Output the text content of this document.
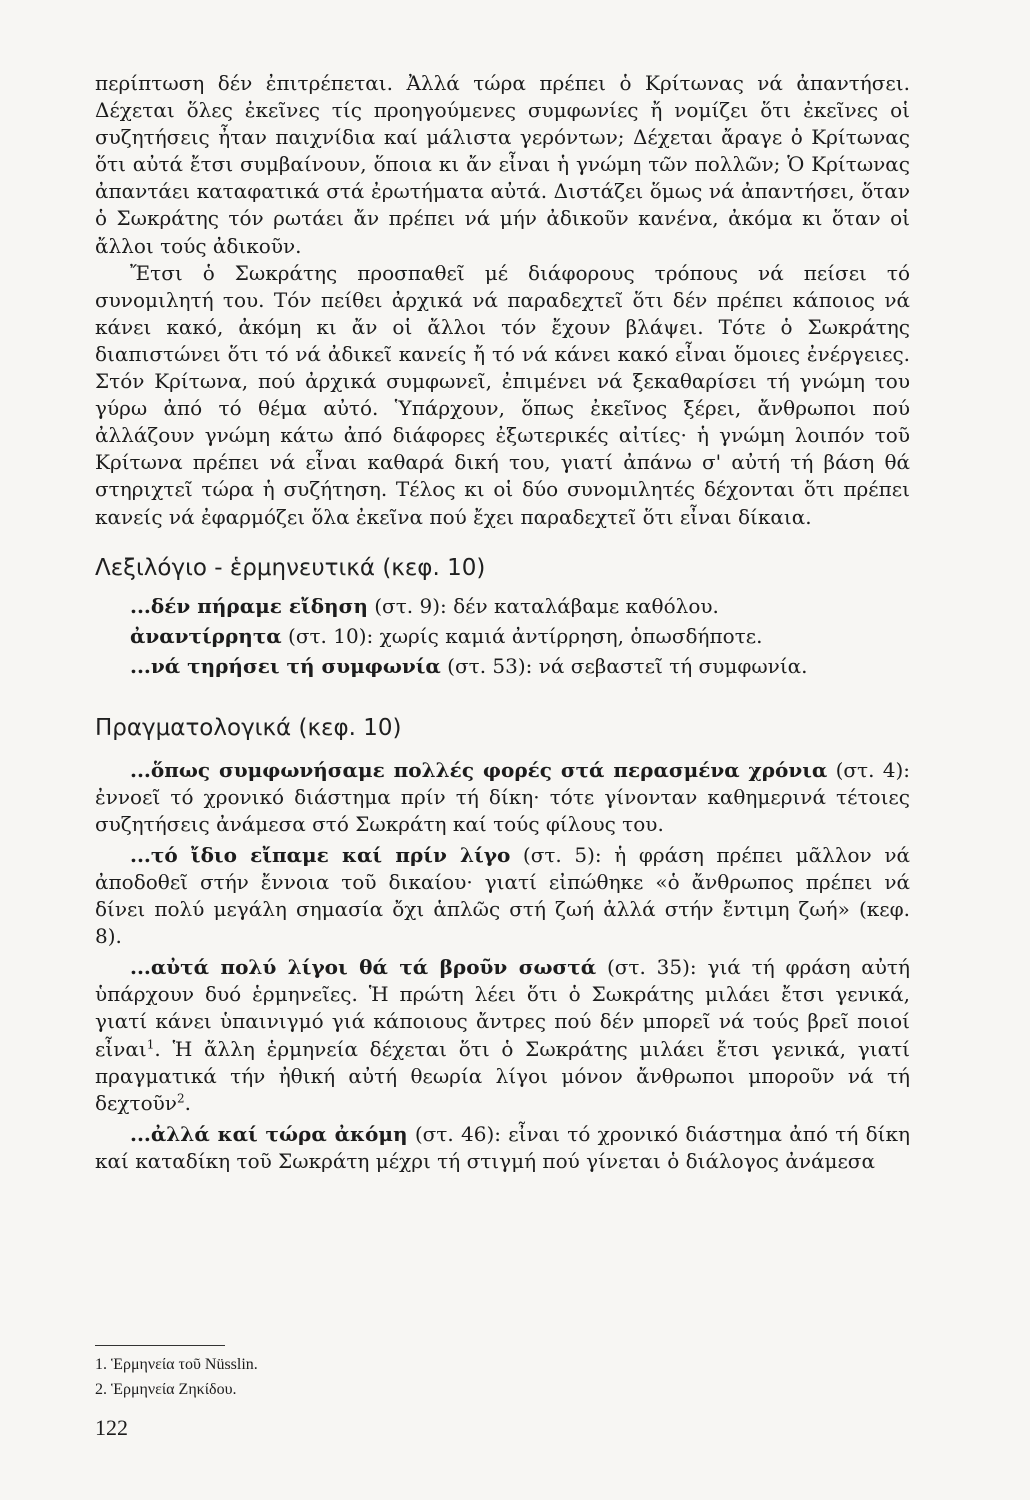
περίπτωση δέν ἐπιτρέπεται. Ἀλλά τώρα πρέπει ὁ Κρίτωνας νά ἀπαντήσει. Δέχεται ὅλες ἐκεῖνες τίς προηγούμενες συμφωνίες ἤ νομίζει ὅτι ἐκεῖνες οἱ συζητήσεις ἦταν παιχνίδια καί μάλιστα γερόντων; Δέχεται ἄραγε ὁ Κρίτωνας ὅτι αὐτά ἔτσι συμβαίνουν, ὅποια κι ἄν εἶναι ἡ γνώμη τῶν πολλῶν; Ὁ Κρίτωνας ἀπαντάει καταφατικά στά ἐρωτήματα αὐτά. Διστάζει ὅμως νά ἀπαντήσει, ὅταν ὁ Σωκράτης τόν ρωτάει ἄν πρέπει νά μήν ἀδικοῦν κανένα, ἀκόμα κι ὅταν οἱ ἄλλοι τούς ἀδικοῦν.

Ἔτσι ὁ Σωκράτης προσπαθεῖ μέ διάφορους τρόπους νά πείσει τό συνομιλητή του. Τόν πείθει ἀρχικά νά παραδεχτεῖ ὅτι δέν πρέπει κάποιος νά κάνει κακό, ἀκόμη κι ἄν οἱ ἄλλοι τόν ἔχουν βλάψει. Τότε ὁ Σωκράτης διαπιστώνει ὅτι τό νά ἀδικεῖ κανείς ἤ τό νά κάνει κακό εἶναι ὅμοιες ἐνέργειες. Στόν Κρίτωνα, πού ἀρχικά συμφωνεῖ, ἐπιμένει νά ξεκαθαρίσει τή γνώμη του γύρω ἀπό τό θέμα αὐτό. Ὑπάρχουν, ὅπως ἐκεῖνος ξέρει, ἄνθρωποι πού ἀλλάζουν γνώμη κάτω ἀπό διάφορες ἐξωτερικές αἰτίες· ἡ γνώμη λοιπόν τοῦ Κρίτωνα πρέπει νά εἶναι καθαρά δική του, γιατί ἀπάνω σ' αὐτή τή βάση θά στηριχτεῖ τώρα ἡ συζήτηση. Τέλος κι οἱ δύο συνομιλητές δέχονται ὅτι πρέπει κανείς νά ἐφαρμόζει ὅλα ἐκεῖνα πού ἔχει παραδεχτεῖ ὅτι εἶναι δίκαια.

Λεξιλόγιο - ἑρμηνευτικά (κεφ. 10)

...δέν πήραμε εἴδηση (στ. 9): δέν καταλάβαμε καθόλου.

ἀναντίρρητα (στ. 10): χωρίς καμιά ἀντίρρηση, ὁπωσδήποτε.

...νά τηρήσει τή συμφωνία (στ. 53): νά σεβαστεῖ τή συμφωνία.

Πραγματολογικά (κεφ. 10)

...ὅπως συμφωνήσαμε πολλές φορές στά περασμένα χρόνια (στ. 4): ἐννοεῖ τό χρονικό διάστημα πρίν τή δίκη· τότε γίνονταν καθημερινά τέτοιες συζητήσεις ἀνάμεσα στό Σωκράτη καί τούς φίλους του.

...τό ἴδιο εἴπαμε καί πρίν λίγο (στ. 5): ἡ φράση πρέπει μᾶλλον νά ἀποδοθεῖ στήν ἔννοια τοῦ δικαίου· γιατί εἰπώθηκε «ὁ ἄνθρωπος πρέπει νά δίνει πολύ μεγάλη σημασία ὄχι ἁπλῶς στή ζωή ἀλλά στήν ἔντιμη ζωή» (κεφ. 8).

...αὐτά πολύ λίγοι θά τά βροῦν σωστά (στ. 35): γιά τή φράση αὐτή ὑπάρχουν δυό ἑρμηνεῖες. Ἡ πρώτη λέει ὅτι ὁ Σωκράτης μιλάει ἔτσι γενικά, γιατί κάνει ὑπαινιγμό γιά κάποιους ἄντρες πού δέν μπορεῖ νά τούς βρεῖ ποιοί εἶναι$^1$. Ἡ ἄλλη ἑρμηνεία δέχεται ὅτι ὁ Σωκράτης μιλάει ἔτσι γενικά, γιατί πραγματικά τήν ἠθική αὐτή θεωρία λίγοι μόνον ἄνθρωποι μποροῦν νά τή δεχτοῦν$^2$.

...ἀλλά καί τώρα ἀκόμη (στ. 46): εἶναι τό χρονικό διάστημα ἀπό τή δίκη καί καταδίκη τοῦ Σωκράτη μέχρι τή στιγμή πού γίνεται ὁ διάλογος ἀνάμεσα

1. Ἑρμηνεία τοῦ Nüsslin.

2. Ἑρμηνεία Ζηκίδου.

122
